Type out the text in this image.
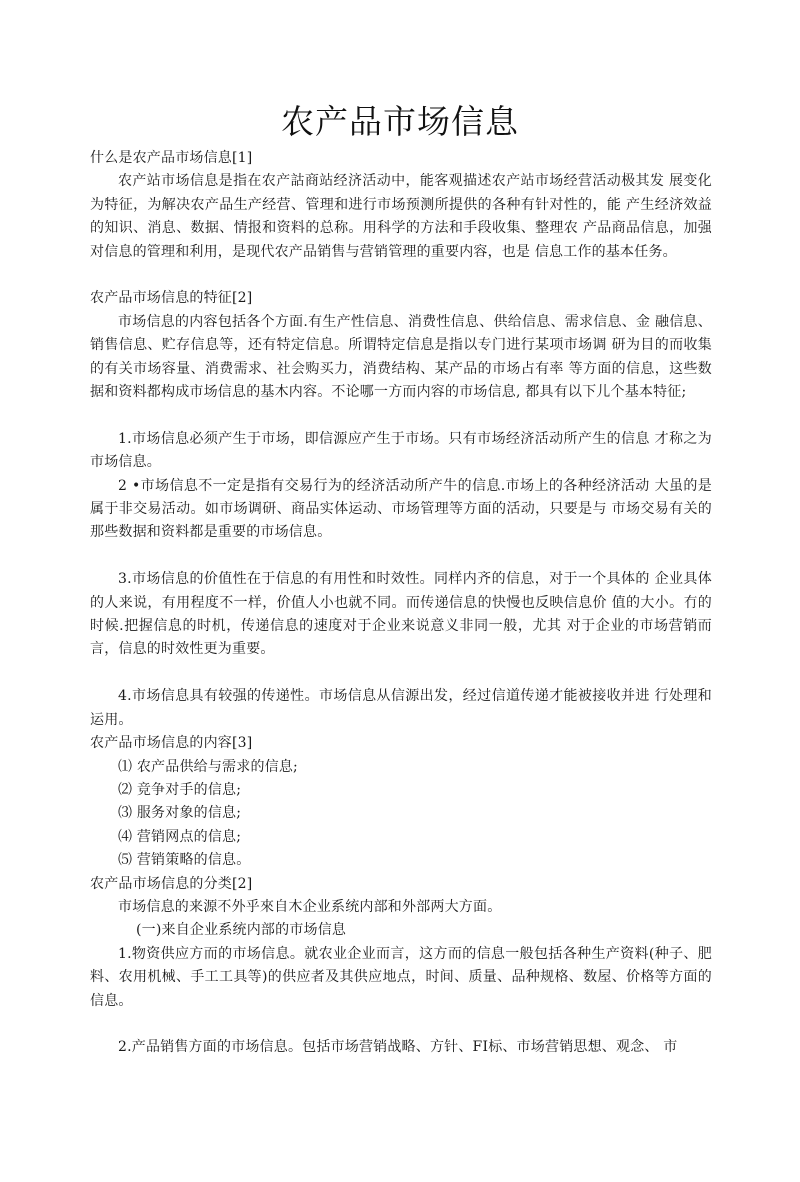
农产品市场信息

什么是农产品市场信息[1]

农产站市场信息是指在农产詁商站经济活动中，能客观描述农产站市场经营活动极其发 展变化为特征，为解决农产品生产经营、管理和进行市场预测所提供的各种有针对性的，能 产生经济效益的知识、消息、数据、情报和资料的总称。用科学的方法和手段收集、整理农 产品商品信息，加强对信息的管理和利用，是现代农产品销售与营销管理的重要内容，也是 信息工作的基本任务。

农产品市场信息的特征[2]

市场信息的内容包括各个方面.有生产性信息、消费性信息、供给信息、需求信息、金 融信息、销售信息、贮存信息等，还有特定信息。所谓特定信息是指以专门进行某项市场调 研为目的而收集的有关市场容量、消费需求、社会购买力，消费结构、某产品的市场占有率 等方面的信息，这些数据和资料都构成市场信息的基木内容。不论哪一方而内容的市场信息, 都具有以下儿个基本特征;

1.市场信息必须产生于市场，即信源应产生于市场。只有市场经济活动所产生的信息 才称之为市场信息。

2 •市场信息不一定是指有交易行为的经济活动所产牛的信息.市场上的各种经济活动 大虽的是属于非交易活动。如市场调研、商品实体运动、市场管理等方面的活动，只要是与 市场交易有关的那些数据和资料都是重要的市场信息。

3.市场信息的价值性在于信息的有用性和时效性。同样内齐的信息，对于一个具体的 企业具体的人来说，有用程度不一样，价值人小也就不同。而传递信息的快慢也反映信息价 值的大小。冇的时候.把握信息的时机，传递信息的速度对于企业来说意义非同一般，尤其 对于企业的市场营销而言，信息的时效性更为重要。

4.市场信息具有较强的传递性。市场信息从信源出发，经过信道传递才能被接收并进 行处理和运用。

农产品市场信息的内容[3]

⑴ 农产品供给与需求的信息;

⑵ 竞争对手的信息;

⑶ 服务对象的信息;

⑷ 营销网点的信息;

⑸ 营销策略的信息。

农产品市场信息的分类[2]

市场信息的来源不外乎來自木企业系统内部和外部两大方面。

(一)来自企业系统内部的市场信息

1.物资供应方而的市场信息。就农业企业而言，这方而的信息一般包括各种生产资料(种子、肥料、农用机械、手工工具等)的供应者及其供应地点，时间、质量、品种规格、数屋、价格等方面的信息。

2.产品销售方面的市场信息。包括市场营销战略、方针、FI标、市场营销思想、观念、 市
